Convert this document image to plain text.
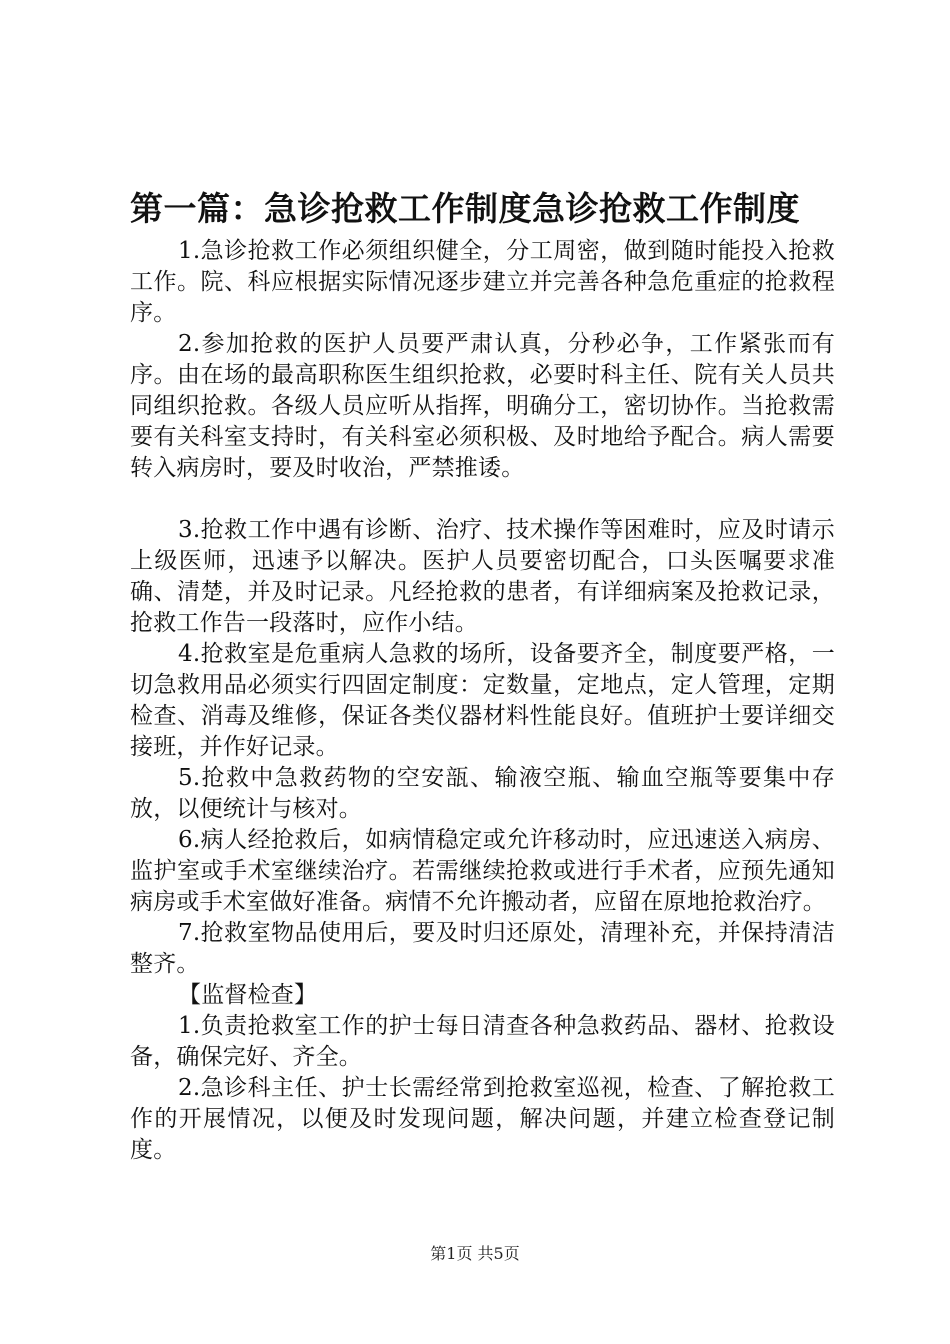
第一篇：急诊抢救工作制度急诊抢救工作制度

1.急诊抢救工作必须组织健全，分工周密，做到随时能投入抢救工作。院、科应根据实际情况逐步建立并完善各种急危重症的抢救程序。

2.参加抢救的医护人员要严肃认真，分秒必争，工作紧张而有序。由在场的最高职称医生组织抢救，必要时科主任、院有关人员共同组织抢救。各级人员应听从指挥，明确分工，密切协作。当抢救需要有关科室支持时，有关科室必须积极、及时地给予配合。病人需要转入病房时，要及时收治，严禁推诿。

3.抢救工作中遇有诊断、治疗、技术操作等困难时，应及时请示上级医师，迅速予以解决。医护人员要密切配合，口头医嘱要求准确、清楚，并及时记录。凡经抢救的患者，有详细病案及抢救记录，抢救工作告一段落时，应作小结。

4.抢救室是危重病人急救的场所，设备要齐全，制度要严格，一切急救用品必须实行四固定制度：定数量，定地点，定人管理，定期检查、消毒及维修，保证各类仪器材料性能良好。值班护士要详细交接班，并作好记录。

5.抢救中急救药物的空安瓿、输液空瓶、输血空瓶等要集中存放，以便统计与核对。

6.病人经抢救后，如病情稳定或允许移动时，应迅速送入病房、监护室或手术室继续治疗。若需继续抢救或进行手术者，应预先通知病房或手术室做好准备。病情不允许搬动者，应留在原地抢救治疗。

7.抢救室物品使用后，要及时归还原处，清理补充，并保持清洁整齐。

【监督检查】

1.负责抢救室工作的护士每日清查各种急救药品、器材、抢救设备，确保完好、齐全。

2.急诊科主任、护士长需经常到抢救室巡视，检查、了解抢救工作的开展情况，以便及时发现问题，解决问题，并建立检查登记制度。

第1页 共5页
